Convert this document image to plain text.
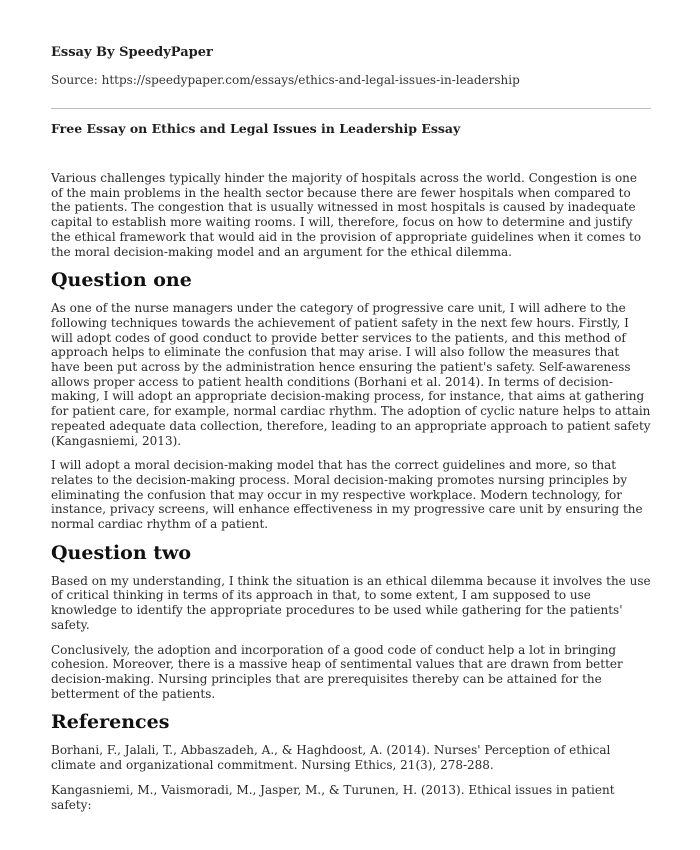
Essay By SpeedyPaper
Source: https://speedypaper.com/essays/ethics-and-legal-issues-in-leadership
Free Essay on Ethics and Legal Issues in Leadership Essay

Various challenges typically hinder the majority of hospitals across the world. Congestion is one of the main problems in the health sector because there are fewer hospitals when compared to the patients. The congestion that is usually witnessed in most hospitals is caused by inadequate capital to establish more waiting rooms. I will, therefore, focus on how to determine and justify the ethical framework that would aid in the provision of appropriate guidelines when it comes to the moral decision-making model and an argument for the ethical dilemma.

Question one

As one of the nurse managers under the category of progressive care unit, I will adhere to the following techniques towards the achievement of patient safety in the next few hours. Firstly, I will adopt codes of good conduct to provide better services to the patients, and this method of approach helps to eliminate the confusion that may arise. I will also follow the measures that have been put across by the administration hence ensuring the patient's safety. Self-awareness allows proper access to patient health conditions (Borhani et al. 2014). In terms of decision-making, I will adopt an appropriate decision-making process, for instance, that aims at gathering for patient care, for example, normal cardiac rhythm. The adoption of cyclic nature helps to attain repeated adequate data collection, therefore, leading to an appropriate approach to patient safety (Kangasniemi, 2013).

I will adopt a moral decision-making model that has the correct guidelines and more, so that relates to the decision-making process. Moral decision-making promotes nursing principles by eliminating the confusion that may occur in my respective workplace. Modern technology, for instance, privacy screens, will enhance effectiveness in my progressive care unit by ensuring the normal cardiac rhythm of a patient.

Question two

Based on my understanding, I think the situation is an ethical dilemma because it involves the use of critical thinking in terms of its approach in that, to some extent, I am supposed to use knowledge to identify the appropriate procedures to be used while gathering for the patients' safety.

Conclusively, the adoption and incorporation of a good code of conduct help a lot in bringing cohesion. Moreover, there is a massive heap of sentimental values that are drawn from better decision-making. Nursing principles that are prerequisites thereby can be attained for the betterment of the patients.

References

Borhani, F., Jalali, T., Abbaszadeh, A., & Haghdoost, A. (2014). Nurses' Perception of ethical climate and organizational commitment. Nursing Ethics, 21(3), 278-288.

Kangasniemi, M., Vaismoradi, M., Jasper, M., & Turunen, H. (2013). Ethical issues in patient safety:
